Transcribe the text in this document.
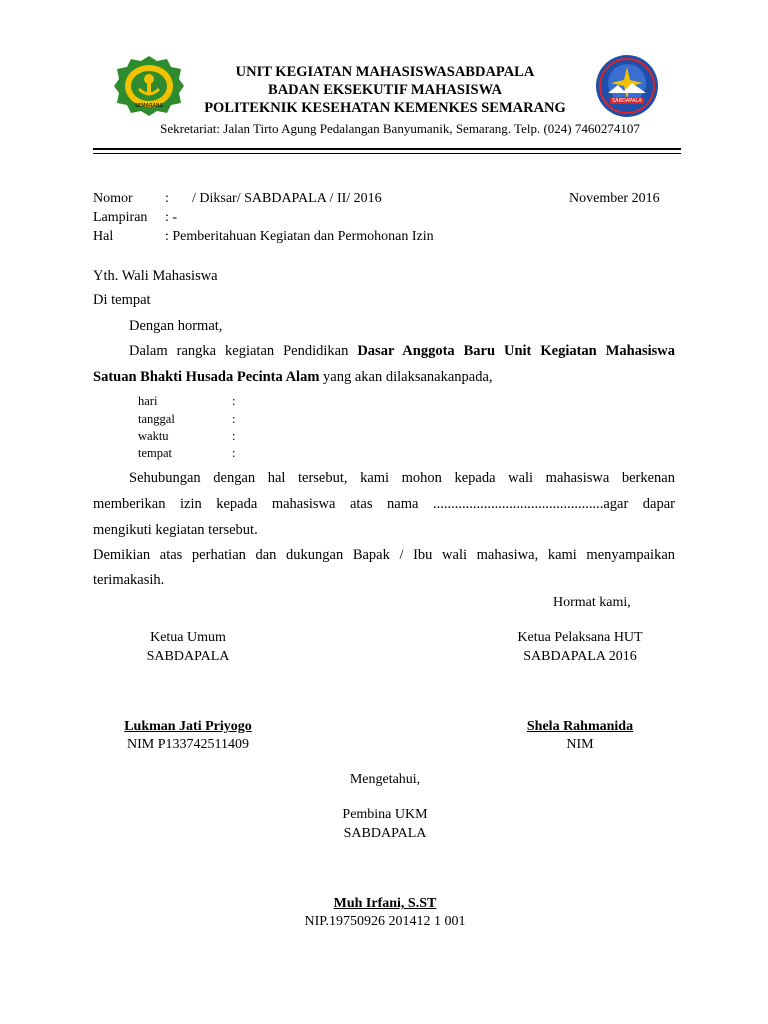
SEMARANG
SABDAPALA
UNIT KEGIATAN MAHASISWASABDAPALA
BADAN EKSEKUTIF MAHASISWA
POLITEKNIK KESEHATAN KEMENKES SEMARANG
Sekretariat: Jalan Tirto Agung Pedalangan Banyumanik, Semarang. Telp. (024) 7460274107
Nomor : / Diksar/ SABDAPALA / II/ 2016	November 2016
Lampiran : -
Hal	: Pemberitahuan Kegiatan dan Permohonan Izin
Yth. Wali Mahasiswa
Di tempat
Dengan hormat,
Dalam rangka kegiatan Pendidikan Dasar Anggota Baru Unit Kegiatan Mahasiswa
Satuan Bhakti Husada Pecinta Alam yang akan dilaksanakanpada,
hari	:
tanggal	:
waktu	:
tempat	:
Sehubungan dengan hal tersebut, kami mohon kepada wali mahasiswa berkenan
memberikan izin kepada mahasiswa atas nama ...............................................agar dapar
mengikuti kegiatan tersebut.
Demikian atas perhatian dan dukungan Bapak / Ibu wali mahasiwa, kami menyampaikan
terimakasih.
Hormat kami,
Ketua Umum
SABDAPALA
Lukman Jati Priyogo
NIM P133742511409
Ketua Pelaksana HUT
SABDAPALA 2016
Shela Rahmanida
NIM
Mengetahui,
Pembina UKM
SABDAPALA
Muh Irfani, S.ST
NIP.19750926 201412 1 001
